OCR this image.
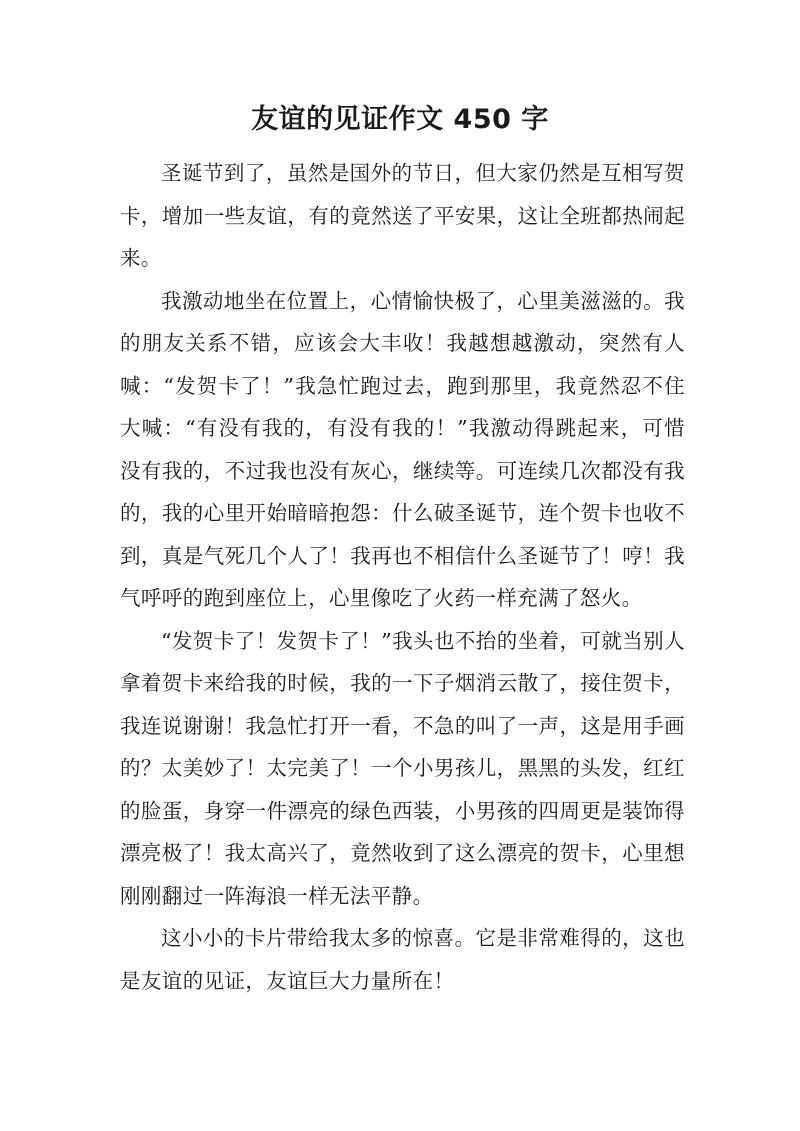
友谊的见证作文 450 字

圣诞节到了，虽然是国外的节日，但大家仍然是互相写贺卡，增加一些友谊，有的竟然送了平安果，这让全班都热闹起来。

我激动地坐在位置上，心情愉快极了，心里美滋滋的。我的朋友关系不错，应该会大丰收！我越想越激动，突然有人喊：“发贺卡了！”我急忙跑过去，跑到那里，我竟然忍不住大喊：“有没有我的，有没有我的！”我激动得跳起来，可惜没有我的，不过我也没有灰心，继续等。可连续几次都没有我的，我的心里开始暗暗抱怨：什么破圣诞节，连个贺卡也收不到，真是气死几个人了！我再也不相信什么圣诞节了！哼！我气呼呼的跑到座位上，心里像吃了火药一样充满了怒火。

“发贺卡了！发贺卡了！”我头也不抬的坐着，可就当别人拿着贺卡来给我的时候，我的一下子烟消云散了，接住贺卡，我连说谢谢！我急忙打开一看，不急的叫了一声，这是用手画的？太美妙了！太完美了！一个小男孩儿，黑黑的头发，红红的脸蛋，身穿一件漂亮的绿色西装，小男孩的四周更是装饰得漂亮极了！我太高兴了，竟然收到了这么漂亮的贺卡，心里想刚刚翻过一阵海浪一样无法平静。

这小小的卡片带给我太多的惊喜。它是非常难得的，这也是友谊的见证，友谊巨大力量所在！
